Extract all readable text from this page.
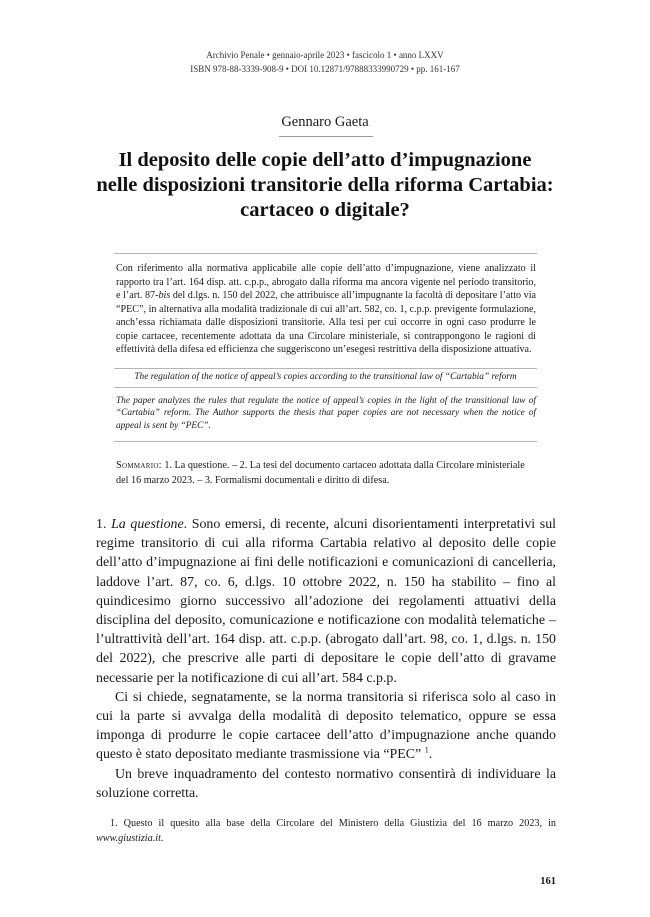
Archivio Penale • gennaio-aprile 2023 • fascicolo 1 • anno LXXV
ISBN 978-88-3339-908-9 • DOI 10.12871/97888333990729 • pp. 161-167
Gennaro Gaeta
Il deposito delle copie dell’atto d’impugnazione
nelle disposizioni transitorie della riforma Cartabia:
cartaceo o digitale?
Con riferimento alla normativa applicabile alle copie dell’atto d’impugnazione, viene analizzato il rapporto tra l’art. 164 disp. att. c.p.p., abrogato dalla riforma ma ancora vigente nel periodo transitorio, e l’art. 87-bis del d.lgs. n. 150 del 2022, che attribuisce all’impugnante la facoltà di depositare l’atto via “PEC”, in alternativa alla modalità tradizionale di cui all’art. 582, co. 1, c.p.p. previgente formulazione, anch’essa richiamata dalle disposizioni transitorie. Alla tesi per cui occorre in ogni caso produrre le copie cartacee, recentemente adottata da una Circolare ministeriale, si contrappongono le ragioni di effettività della difesa ed efficienza che suggeriscono un’esegesi restrittiva della disposizione attuativa.
The regulation of the notice of appeal’s copies according to the transitional law of “Cartabia” reform
The paper analyzes the rules that regulate the notice of appeal’s copies in the light of the transitional law of “Cartabia” reform. The Author supports the thesis that paper copies are not necessary when the notice of appeal is sent by “PEC”.
Sommario: 1. La questione. – 2. La tesi del documento cartaceo adottata dalla Circolare ministeriale del 16 marzo 2023. – 3. Formalismi documentali e diritto di difesa.

1. La questione. Sono emersi, di recente, alcuni disorientamenti interpretativi sul regime transitorio di cui alla riforma Cartabia relativo al deposito delle copie dell’atto d’impugnazione ai fini delle notificazioni e comunicazioni di cancelleria, laddove l’art. 87, co. 6, d.lgs. 10 ottobre 2022, n. 150 ha stabilito – fino al quindicesimo giorno successivo all’adozione dei regolamenti attuativi della disciplina del deposito, comunicazione e notificazione con modalità telematiche – l’ultrattività dell’art. 164 disp. att. c.p.p. (abrogato dall’art. 98, co. 1, d.lgs. n. 150 del 2022), che prescrive alle parti di depositare le copie dell’atto di gravame necessarie per la notificazione di cui all’art. 584 c.p.p.

Ci si chiede, segnatamente, se la norma transitoria si riferisca solo al caso in cui la parte si avvalga della modalità di deposito telematico, oppure se essa imponga di produrre le copie cartacee dell’atto d’impugnazione anche quando questo è stato depositato mediante trasmissione via “PEC” $^1$.

Un breve inquadramento del contesto normativo consentirà di individuare la soluzione corretta.

1. Questo il quesito alla base della Circolare del Ministero della Giustizia del 16 marzo 2023, in www.giustizia.it.
161
